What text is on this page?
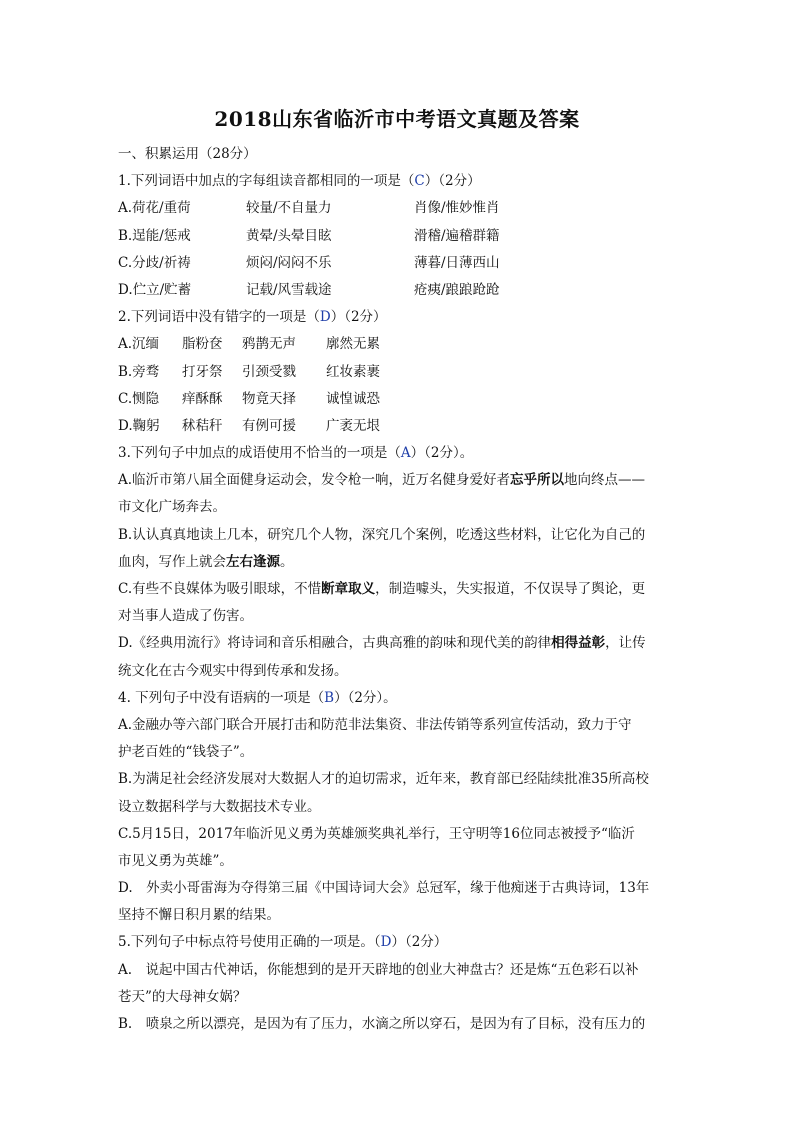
2018山东省临沂市中考语文真题及答案
一、积累运用（28分）
1.下列词语中加点的字每组读音都相同的一项是（C）（2分）
A.荷花/重荷	较量/不自量力	肖像/惟妙惟肖
B.逞能/惩戒	黄晕/头晕目眩	滑稽/遍稽群籍
C.分歧/祈祷	烦闷/闷闷不乐	薄暮/日薄西山
D.伫立/贮蓄	记载/风雪载途	疮痍/踉踉跄跄
2.下列词语中没有错字的一项是（D）（2分）
A.沉缅 脂粉奁 鸦鹊无声 廓然无累
B.旁骛 打牙祭 引颈受戮 红妆素裹
C.恻隐 痒酥酥 物竟天择 诚惶诚恐
D.鞠躬 秫秸秆 有例可援 广袤无垠
3.下列句子中加点的成语使用不恰当的一项是（A）（2分）。
A.临沂市第八届全面健身运动会，发令枪一响，近万名健身爱好者忘乎所以地向终点——
市文化广场奔去。
B.认认真真地读上几本，研究几个人物，深究几个案例，吃透这些材料，让它化为自己的
血肉，写作上就会左右逢源。
C.有些不良媒体为吸引眼球，不惜断章取义，制造噱头，失实报道，不仅误导了舆论，更
对当事人造成了伤害。
D.《经典用流行》将诗词和音乐相融合，古典高雅的韵味和现代美的韵律相得益彰，让传
统文化在古今观实中得到传承和发扬。
4. 下列句子中没有语病的一项是（B）（2分）。
A.金融办等六部门联合开展打击和防范非法集资、非法传销等系列宣传活动，致力于守
护老百姓的“钱袋子”。
B.为满足社会经济发展对大数据人才的迫切需求，近年来，教育部已经陆续批准35所高校
设立数据科学与大数据技术专业。
C.5月15日，2017年临沂见义勇为英雄颁奖典礼举行，王守明等16位同志被授予“临沂
市见义勇为英雄”。
D.　外卖小哥雷海为夺得第三届《中国诗词大会》总冠军，缘于他痴迷于古典诗词，13年
坚持不懈日积月累的结果。
5.下列句子中标点符号使用正确的一项是。（D）（2分）
A.　说起中国古代神话，你能想到的是开天辟地的创业大神盘古？还是炼“五色彩石以补
苍天”的大母神女娲？
B.　喷泉之所以漂亮，是因为有了压力，水滴之所以穿石，是因为有了目标，没有压力的
